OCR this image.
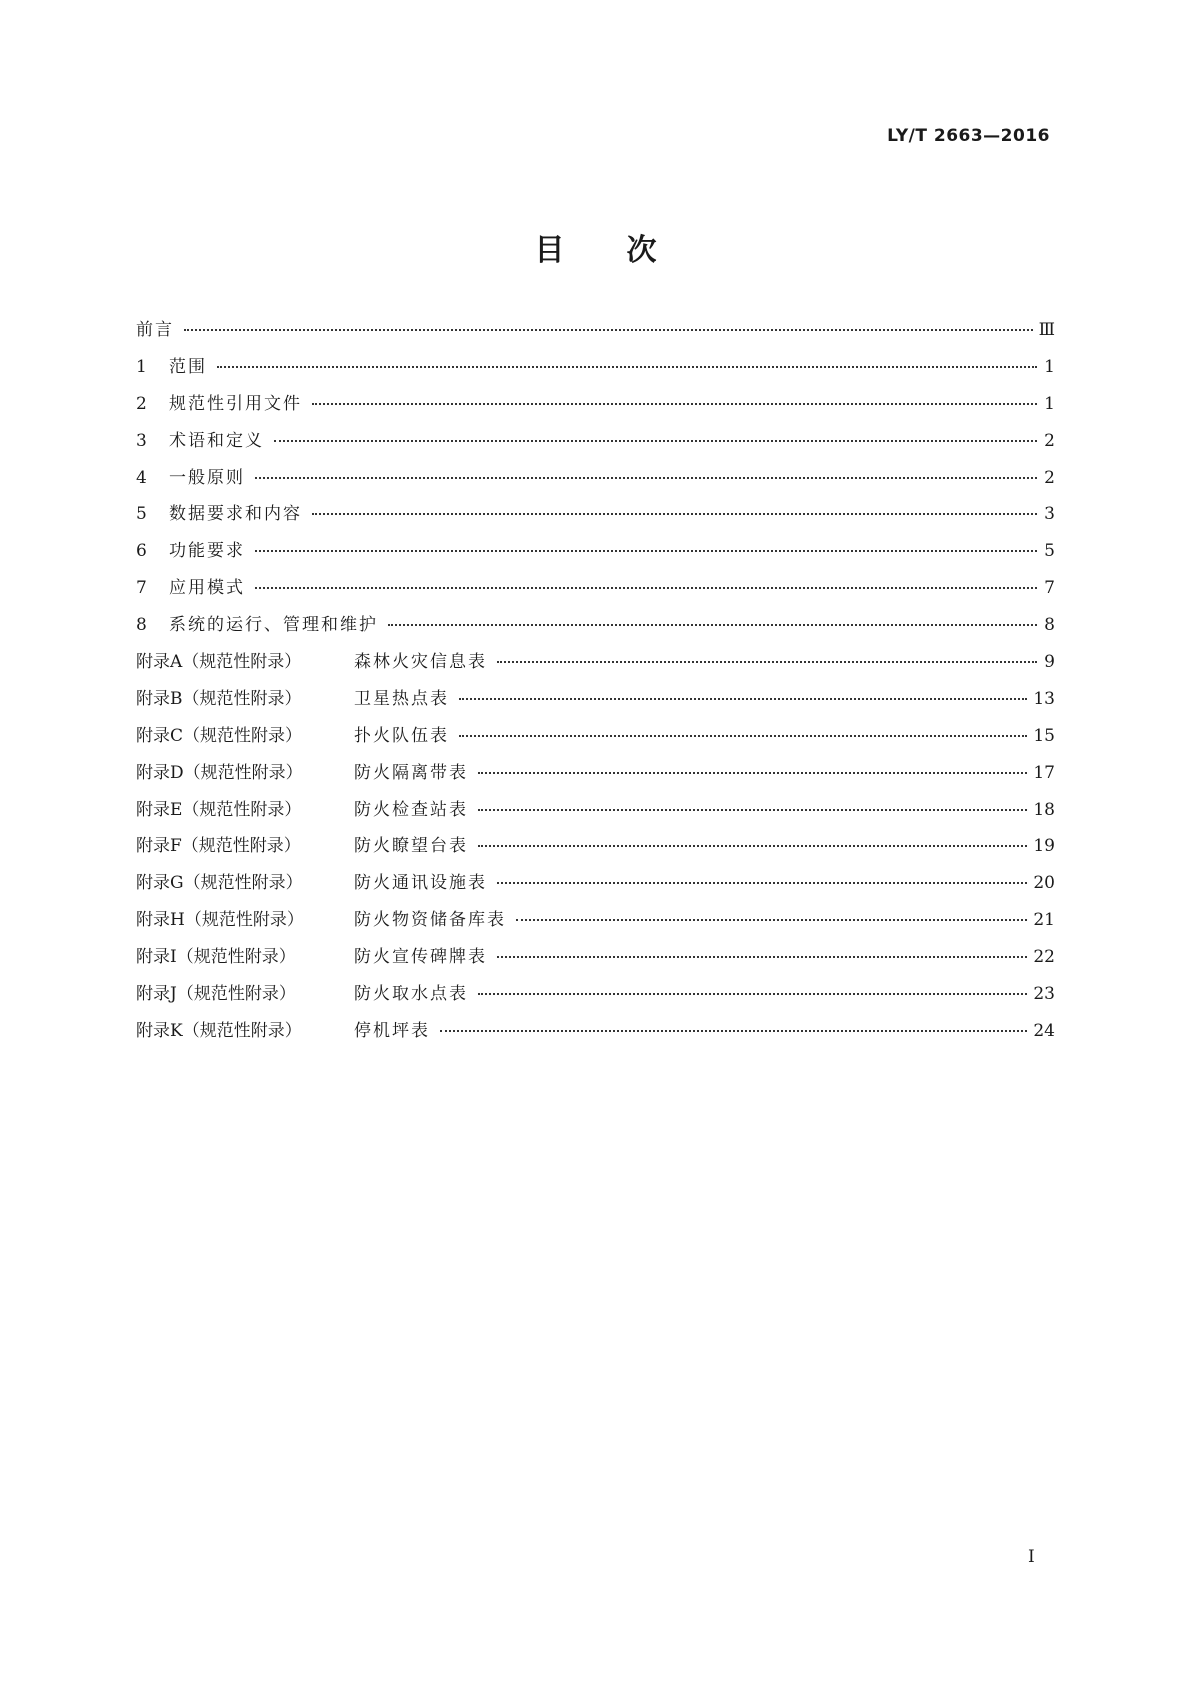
LY/T 2663—2016
目次
前言	Ⅲ
1	范围	1
2	规范性引用文件	1
3	术语和定义	2
4	一般原则	2
5	数据要求和内容	3
6	功能要求	5
7	应用模式	7
8	系统的运行、管理和维护	8
附录A（规范性附录）	森林火灾信息表	9
附录B（规范性附录）	卫星热点表	13
附录C（规范性附录）	扑火队伍表	15
附录D（规范性附录）	防火隔离带表	17
附录E（规范性附录）	防火检查站表	18
附录F（规范性附录）	防火瞭望台表	19
附录G（规范性附录）	防火通讯设施表	20
附录H（规范性附录）	防火物资储备库表	21
附录I（规范性附录）	防火宣传碑牌表	22
附录J（规范性附录）	防火取水点表	23
附录K（规范性附录）	停机坪表	24
I
